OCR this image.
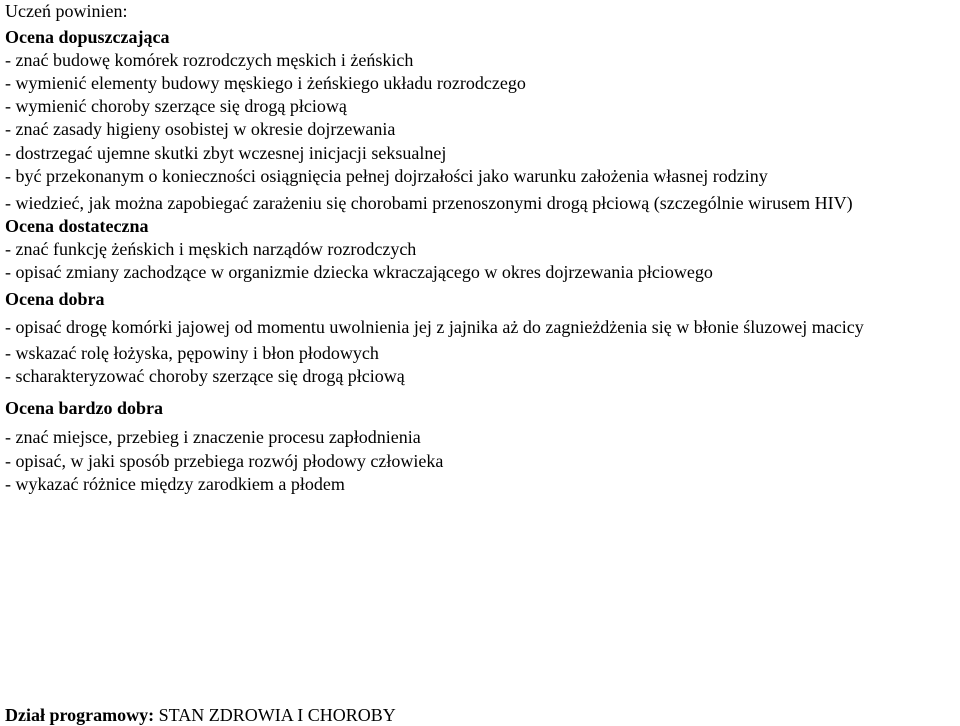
Uczeń powinien:
Ocena dopuszczająca
- znać budowę komórek rozrodczych męskich i żeńskich
- wymienić elementy budowy męskiego i żeńskiego układu rozrodczego
- wymienić choroby szerzące się drogą płciową
- znać zasady higieny osobistej w okresie dojrzewania
- dostrzegać ujemne skutki zbyt wczesnej inicjacji seksualnej
- być przekonanym o konieczności osiągnięcia pełnej dojrzałości jako warunku założenia własnej rodziny
- wiedzieć, jak można zapobiegać zarażeniu się chorobami przenoszonymi drogą płciową (szczególnie wirusem HIV)
Ocena dostateczna
- znać funkcję żeńskich i męskich narządów rozrodczych
- opisać zmiany zachodzące w organizmie dziecka wkraczającego w okres dojrzewania płciowego
Ocena dobra
- opisać drogę komórki jajowej od momentu uwolnienia jej z jajnika aż do zagnieżdżenia się w błonie śluzowej macicy
- wskazać rolę łożyska, pępowiny i błon płodowych
- scharakteryzować choroby szerzące się drogą płciową
Ocena bardzo dobra
- znać miejsce, przebieg i znaczenie procesu zapłodnienia
- opisać, w jaki sposób przebiega rozwój płodowy człowieka
- wykazać różnice między zarodkiem a płodem
Dział programowy: STAN ZDROWIA I CHOROBY
